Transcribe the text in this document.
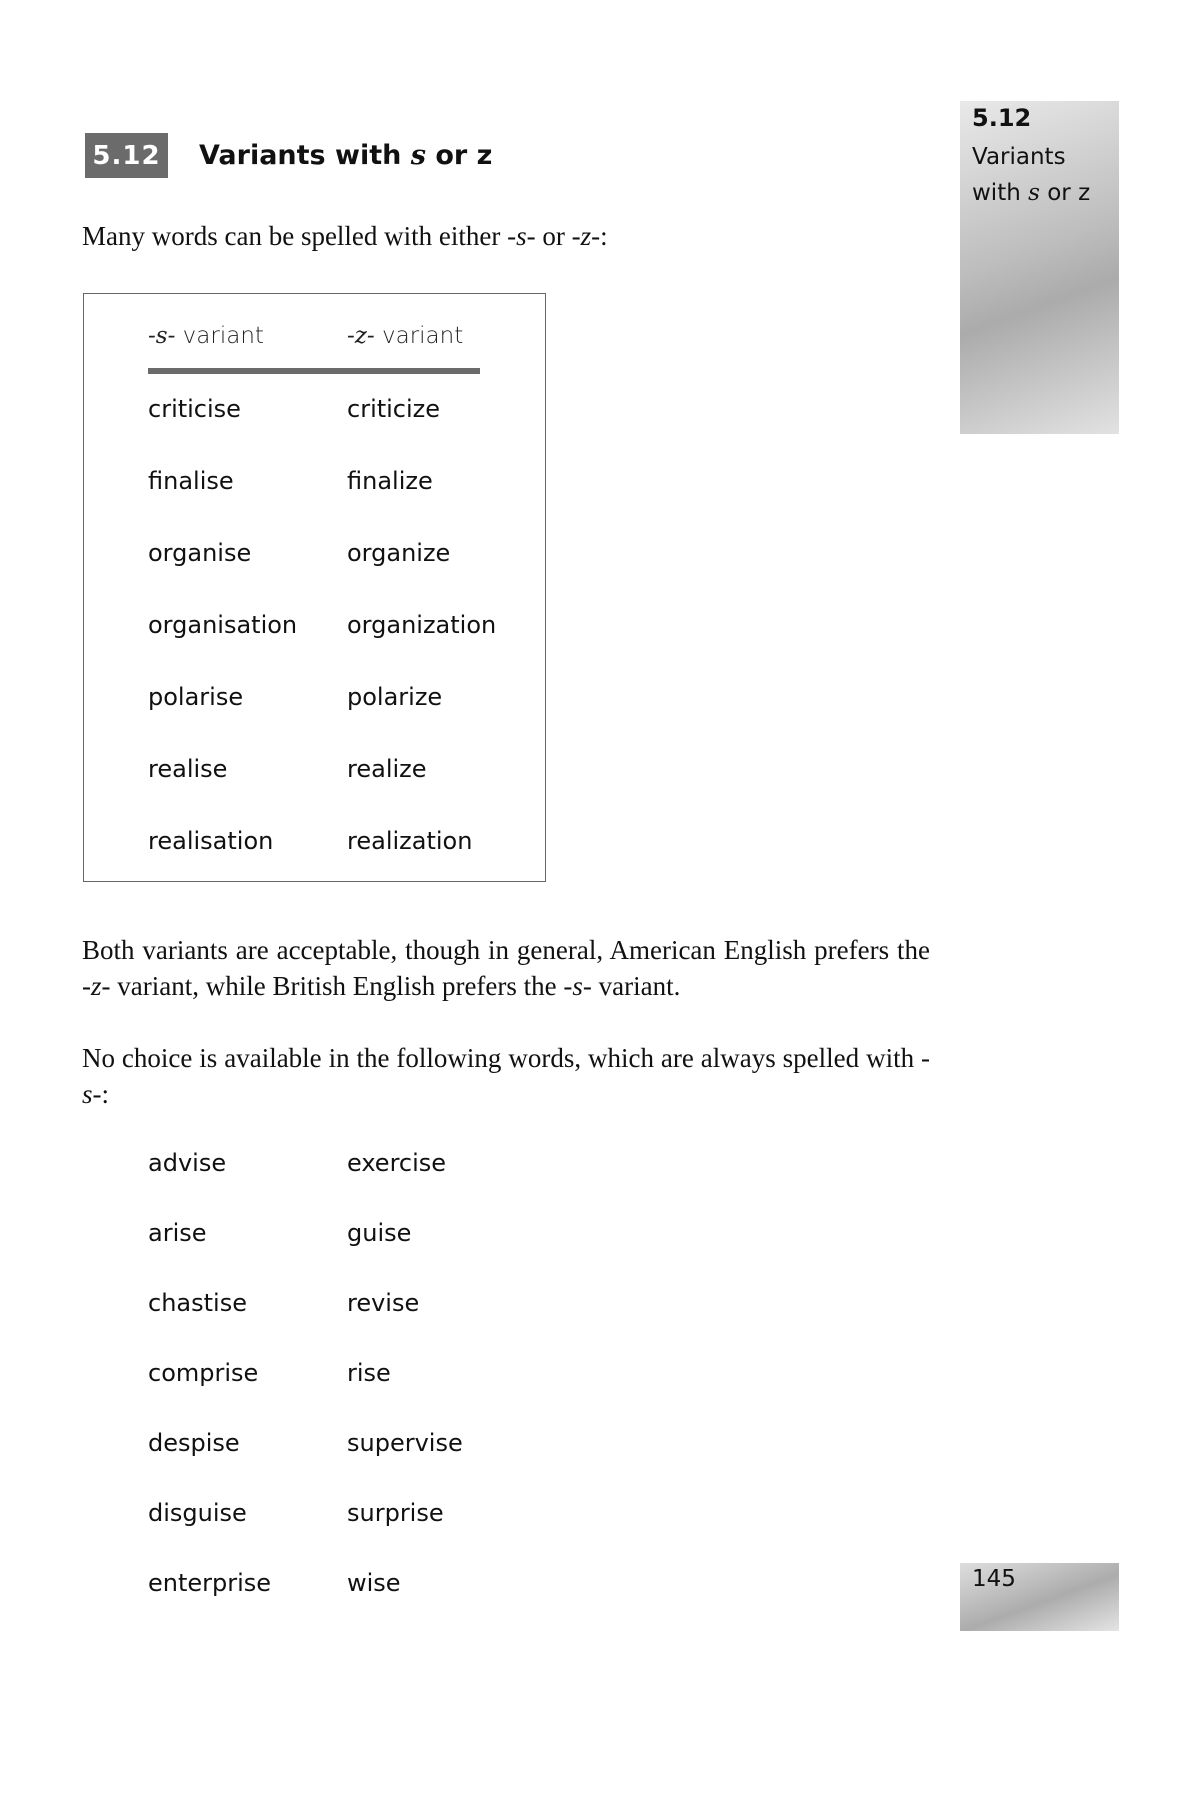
5.12 Variants with s or z
Many words can be spelled with either -s- or -z-:
-s- variant	-z- variant
criticise	criticize
finalise	finalize
organise	organize
organisation organization
polarise	polarize
realise	realize
realisation	realization
Both variants are acceptable, though in general, American English prefers the -z- variant, while British English prefers the -s- variant.
No choice is available in the following words, which are always spelled with -s-:
advise	exercise
arise	guise
chastise	revise
comprise	rise
despise	supervise
disguise	surprise
enterprise	wise
5.12
Variants
with s or z
145
